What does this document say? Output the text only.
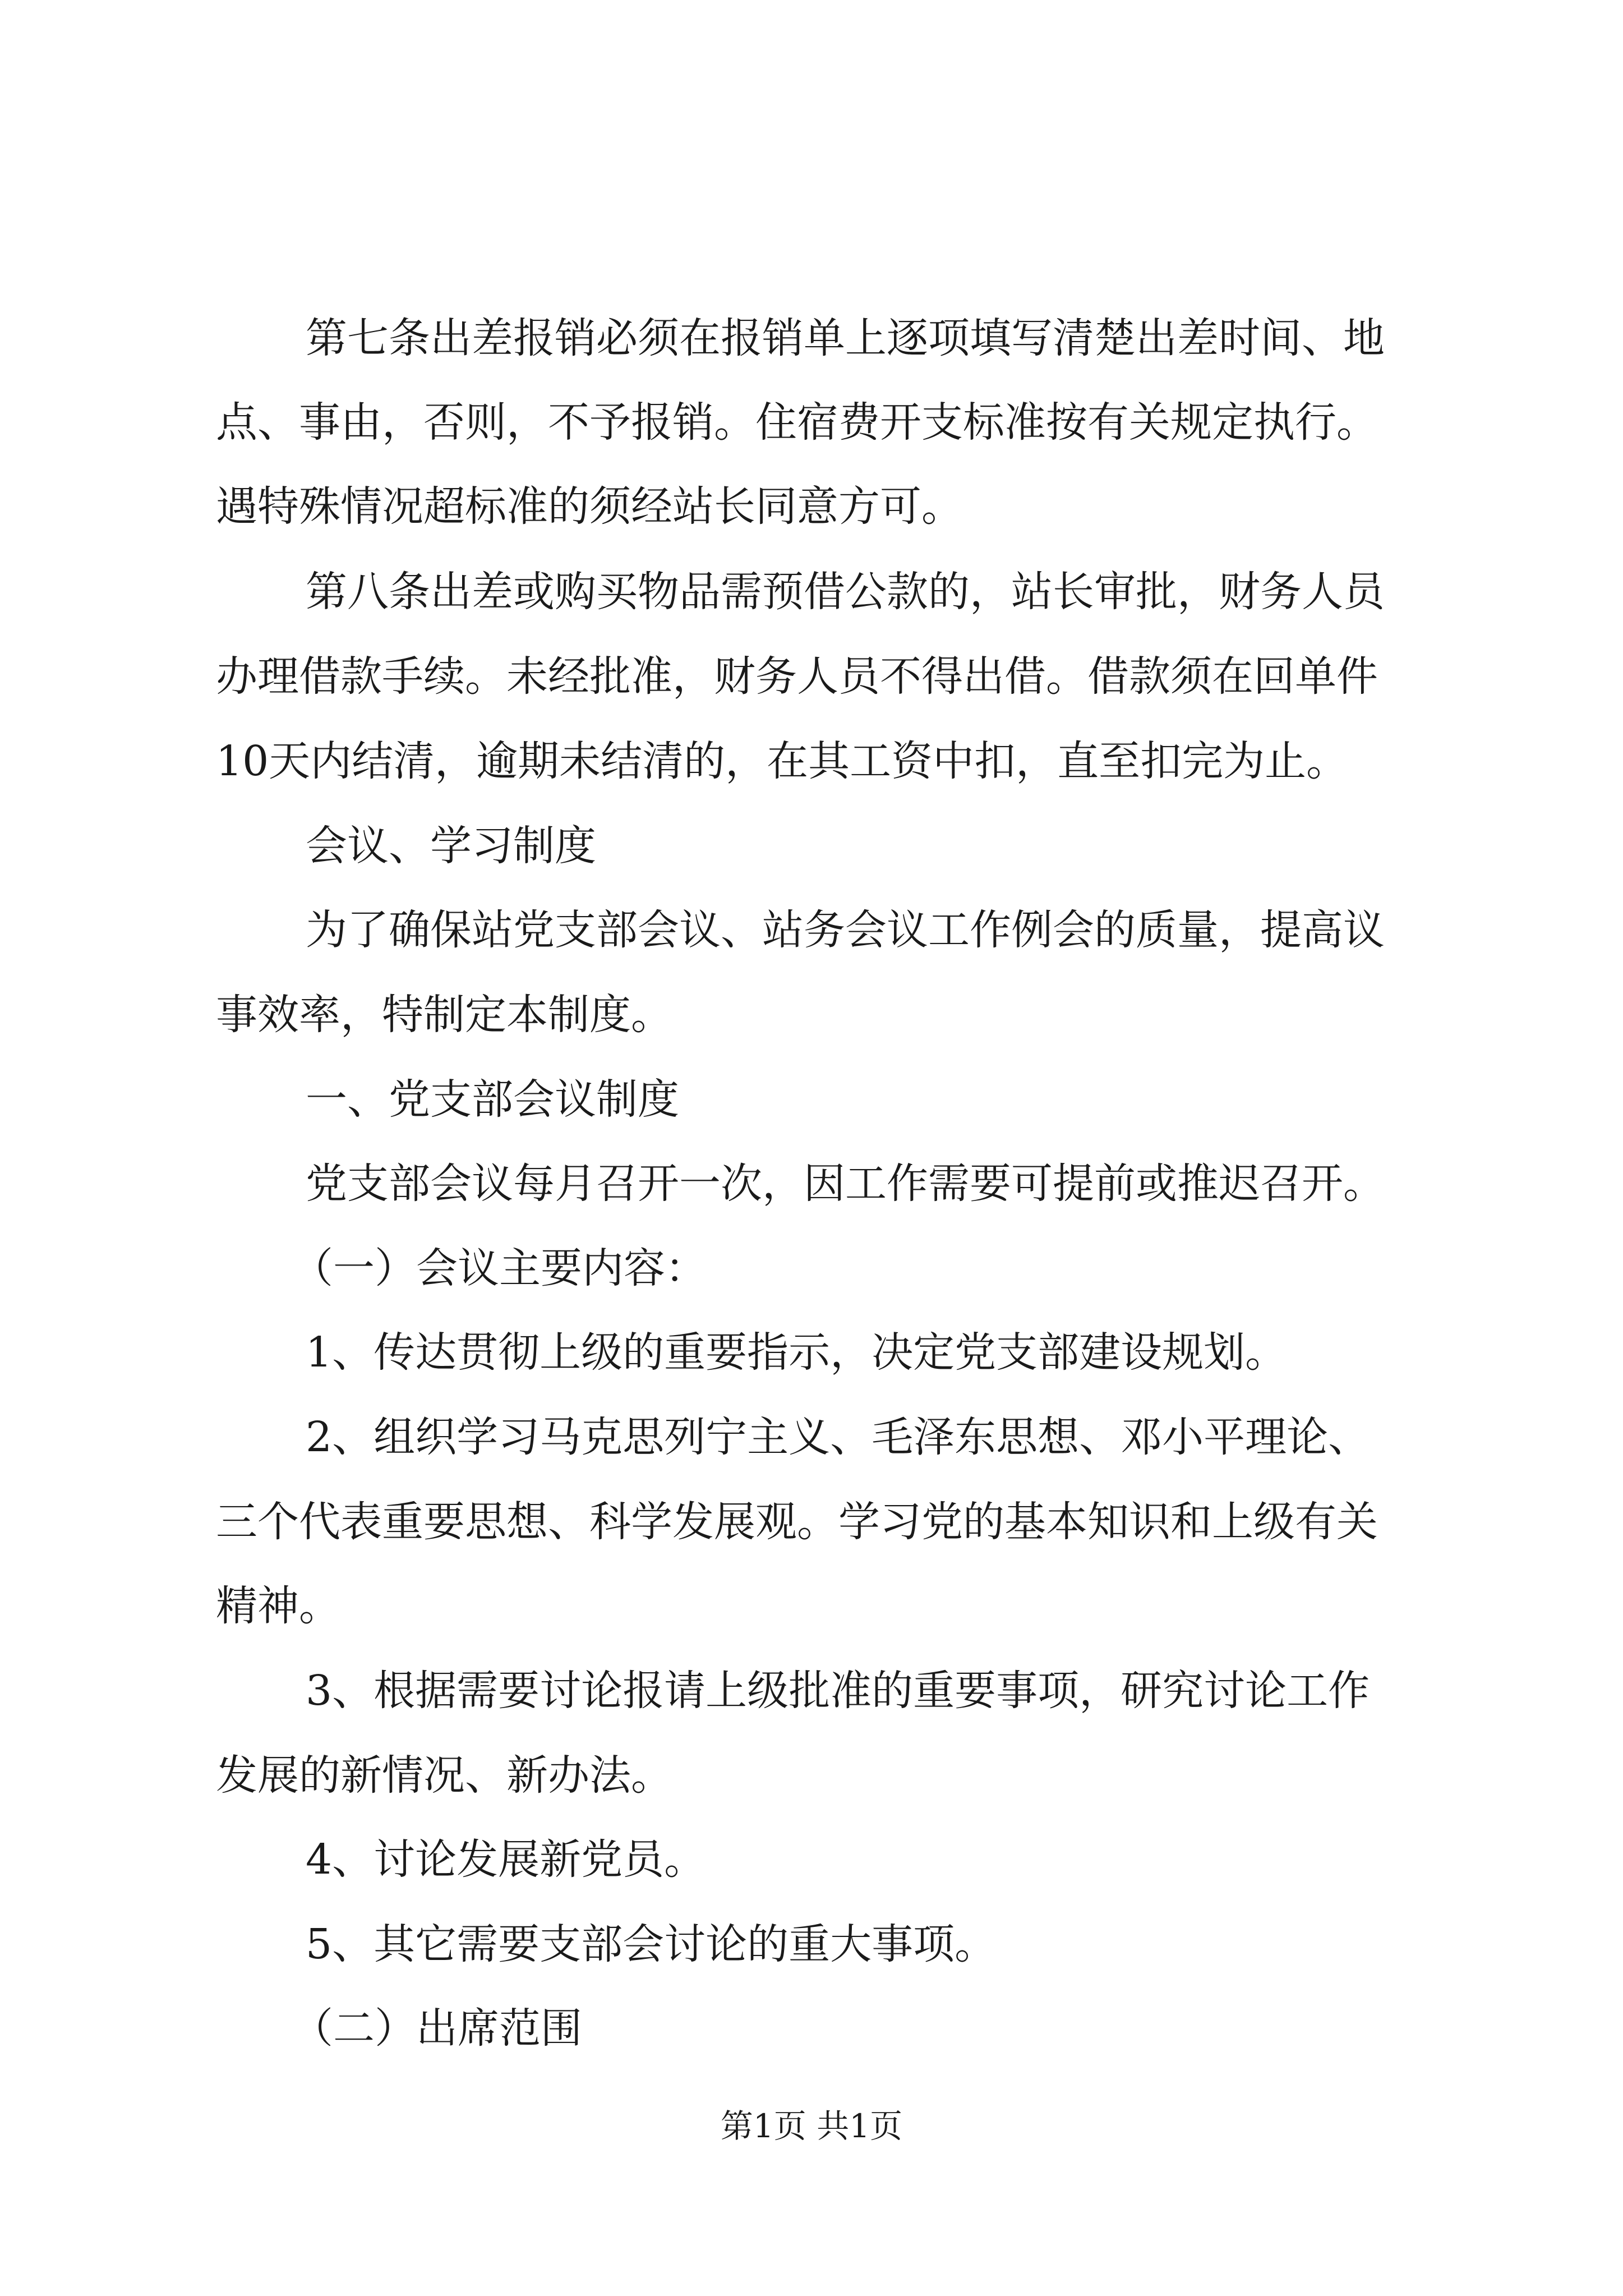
第七条出差报销必须在报销单上逐项填写清楚出差时间、地
点、事由，否则，不予报销。住宿费开支标准按有关规定执行。
遇特殊情况超标准的须经站长同意方可。
第八条出差或购买物品需预借公款的，站长审批，财务人员
办理借款手续。未经批准，财务人员不得出借。借款须在回单件
10天内结清，逾期未结清的，在其工资中扣，直至扣完为止。
会议、学习制度
为了确保站党支部会议、站务会议工作例会的质量，提高议
事效率，特制定本制度。
一、党支部会议制度
党支部会议每月召开一次，因工作需要可提前或推迟召开。
（一）会议主要内容：
1、传达贯彻上级的重要指示，决定党支部建设规划。
2、组织学习马克思列宁主义、毛泽东思想、邓小平理论、
三个代表重要思想、科学发展观。学习党的基本知识和上级有关
精神。
3、根据需要讨论报请上级批准的重要事项，研究讨论工作
发展的新情况、新办法。
4、讨论发展新党员。
5、其它需要支部会讨论的重大事项。
（二）出席范围
第1页 共1页
